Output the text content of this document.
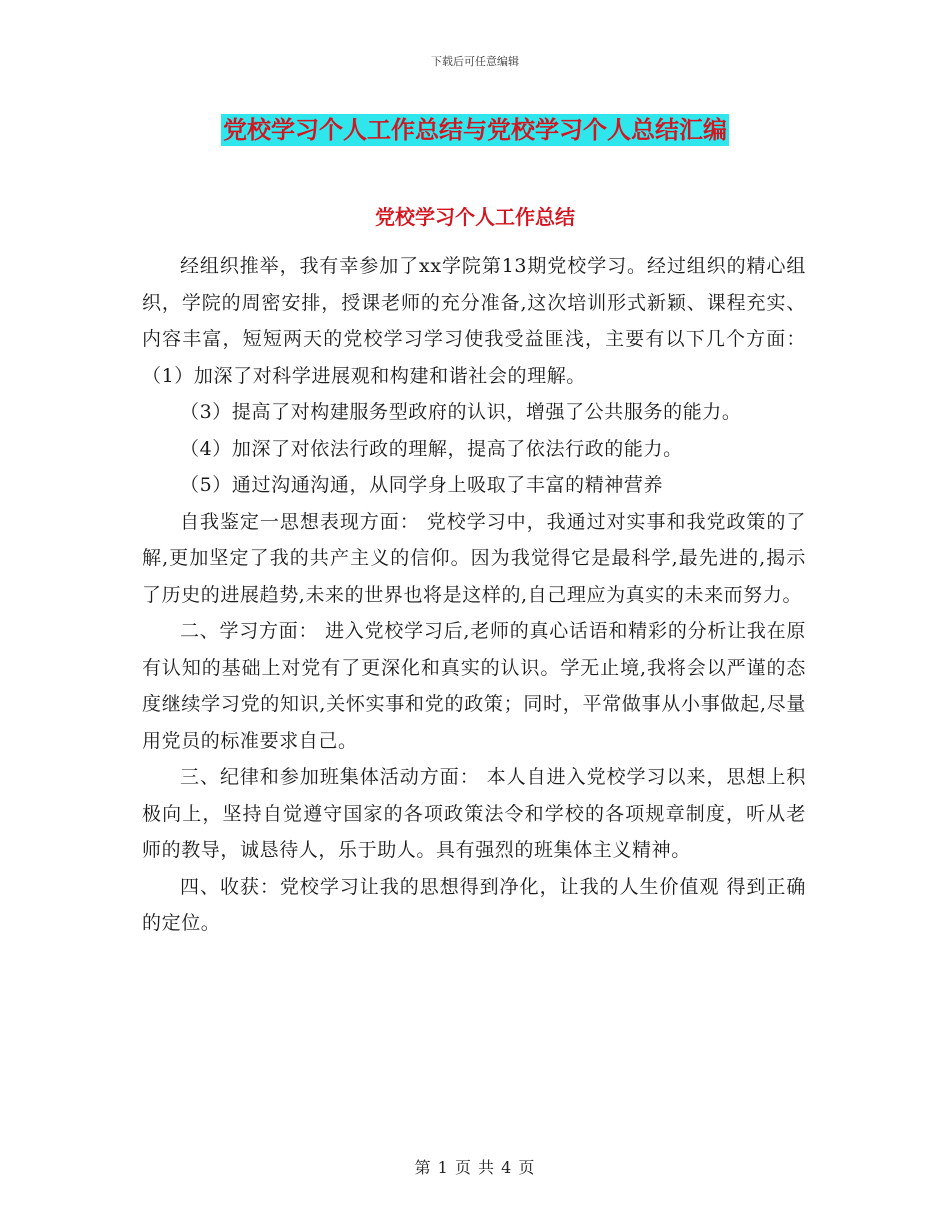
下载后可任意编辑
党校学习个人工作总结与党校学习个人总结汇编
党校学习个人工作总结

经组织推举，我有幸参加了xx学院第13期党校学习。经过组织的精心组织，学院的周密安排，授课老师的充分准备,这次培训形式新颖、课程充实、内容丰富，短短两天的党校学习学习使我受益匪浅，主要有以下几个方面：（1）加深了对科学进展观和构建和谐社会的理解。

（3）提高了对构建服务型政府的认识，增强了公共服务的能力。

（4）加深了对依法行政的理解，提高了依法行政的能力。

（5）通过沟通沟通，从同学身上吸取了丰富的精神营养

自我鉴定一思想表现方面： 党校学习中，我通过对实事和我党政策的了解,更加坚定了我的共产主义的信仰。因为我觉得它是最科学,最先进的,揭示了历史的进展趋势,未来的世界也将是这样的,自己理应为真实的未来而努力。

二、学习方面： 进入党校学习后,老师的真心话语和精彩的分析让我在原有认知的基础上对党有了更深化和真实的认识。学无止境,我将会以严谨的态度继续学习党的知识,关怀实事和党的政策；同时，平常做事从小事做起,尽量用党员的标准要求自己。

三、纪律和参加班集体活动方面： 本人自进入党校学习以来，思想上积极向上，坚持自觉遵守国家的各项政策法令和学校的各项规章制度，听从老师的教导，诚恳待人，乐于助人。具有强烈的班集体主义精神。

四、收获：党校学习让我的思想得到净化，让我的人生价值观 得到正确的定位。

第 1 页 共 4 页
